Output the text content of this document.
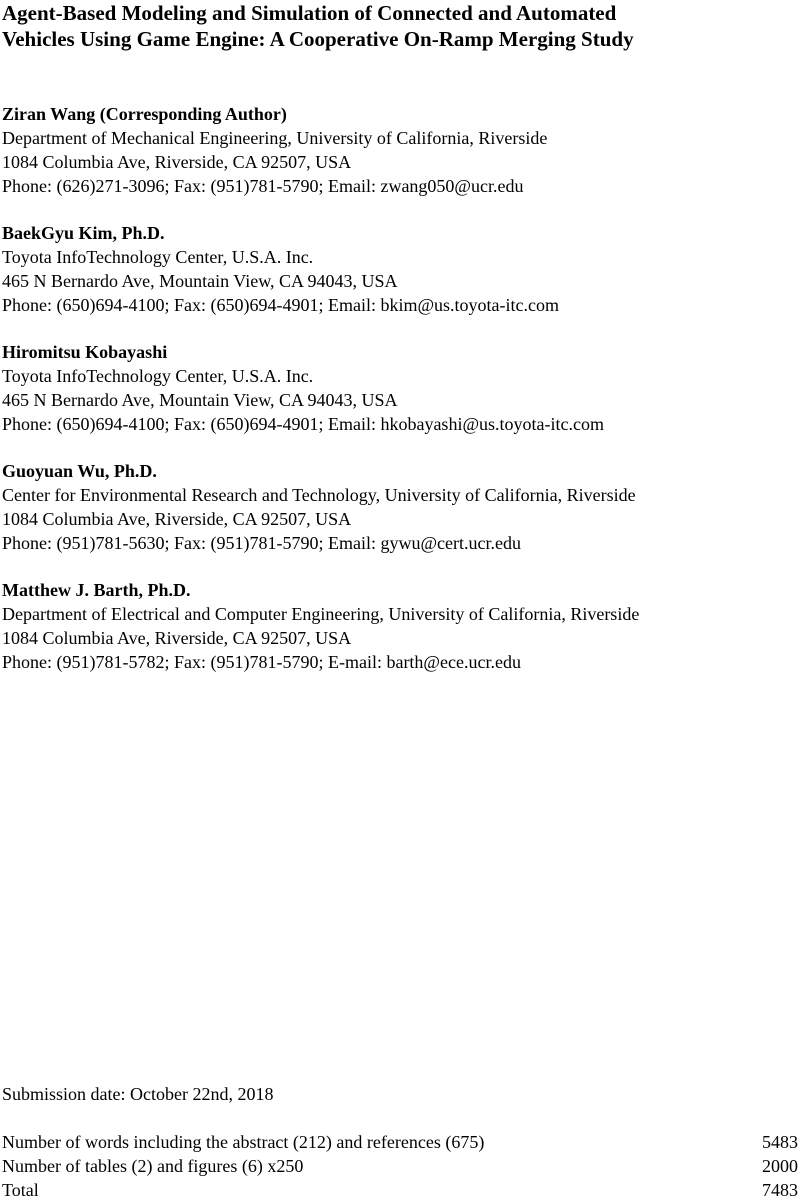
Agent-Based Modeling and Simulation of Connected and Automated
Vehicles Using Game Engine: A Cooperative On-Ramp Merging Study
Ziran Wang (Corresponding Author)
Department of Mechanical Engineering, University of California, Riverside
1084 Columbia Ave, Riverside, CA 92507, USA
Phone: (626)271-3096; Fax: (951)781-5790; Email: zwang050@ucr.edu
BaekGyu Kim, Ph.D.
Toyota InfoTechnology Center, U.S.A. Inc.
465 N Bernardo Ave, Mountain View, CA 94043, USA
Phone: (650)694-4100; Fax: (650)694-4901; Email: bkim@us.toyota-itc.com
Hiromitsu Kobayashi
Toyota InfoTechnology Center, U.S.A. Inc.
465 N Bernardo Ave, Mountain View, CA 94043, USA
Phone: (650)694-4100; Fax: (650)694-4901; Email: hkobayashi@us.toyota-itc.com
Guoyuan Wu, Ph.D.
Center for Environmental Research and Technology, University of California, Riverside
1084 Columbia Ave, Riverside, CA 92507, USA
Phone: (951)781-5630; Fax: (951)781-5790; Email: gywu@cert.ucr.edu
Matthew J. Barth, Ph.D.
Department of Electrical and Computer Engineering, University of California, Riverside
1084 Columbia Ave, Riverside, CA 92507, USA
Phone: (951)781-5782; Fax: (951)781-5790; E-mail: barth@ece.ucr.edu
Submission date: October 22nd, 2018
Number of words including the abstract (212) and references (675)	5483
Number of tables (2) and figures (6) x250	2000
Total	7483
